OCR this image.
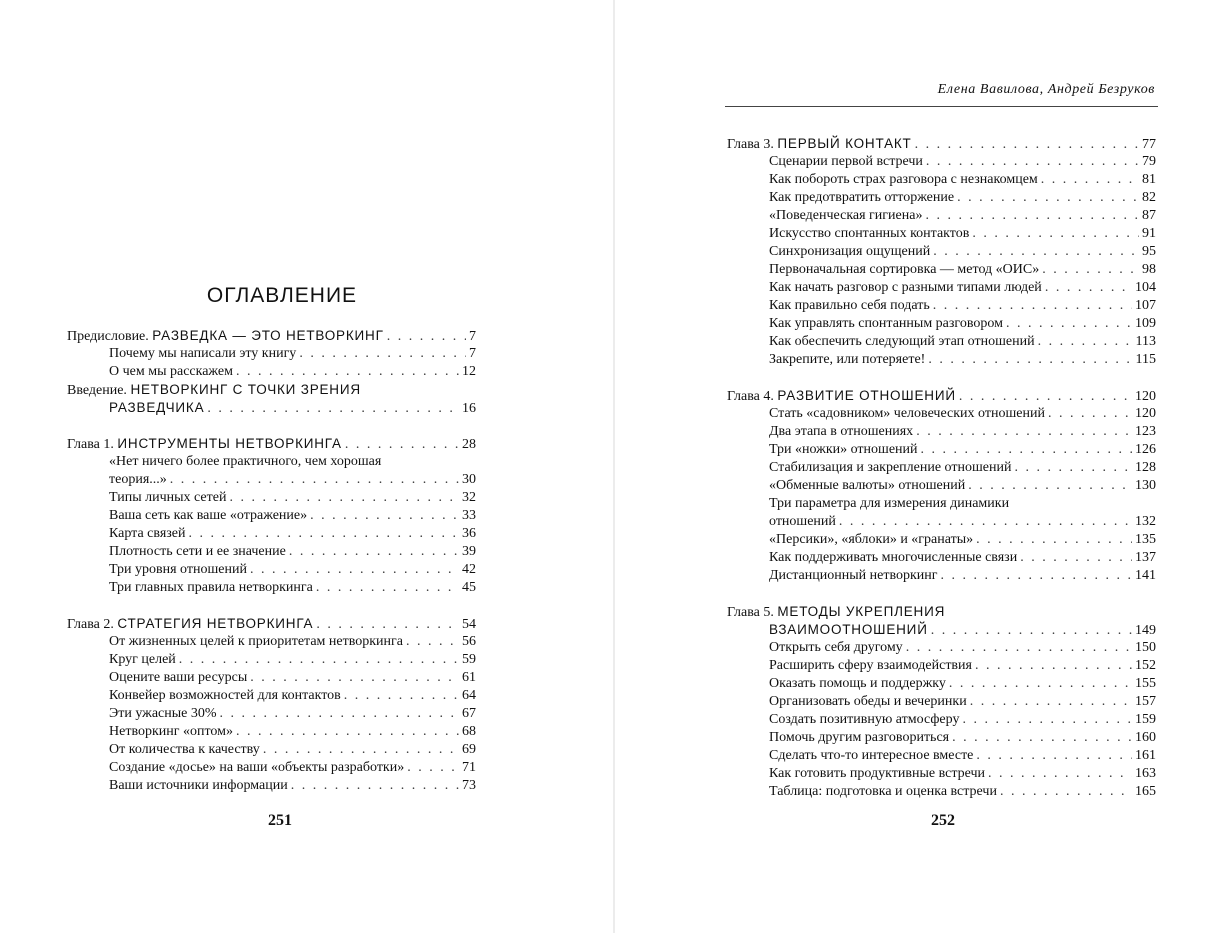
ОГЛАВЛЕНИЕ
Предисловие. РАЗВЕДКА — ЭТО НЕТВОРКИНГ . . .	7
Почему мы написали эту книгу . . .	7
О чем мы расскажем . . .	12
Введение. НЕТВОРКИНГ С ТОЧКИ ЗРЕНИЯ
РАЗВЕДЧИКА . . .	16
Глава 1. ИНСТРУМЕНТЫ НЕТВОРКИНГА . . .	28
«Нет ничего более практичного, чем хорошая
теория...» . . .	30
Типы личных сетей . . .	32
Ваша сеть как ваше «отражение» . . .	33
Карта связей . . .	36
Плотность сети и ее значение . . .	39
Три уровня отношений . . .	42
Три главных правила нетворкинга . . .	45
Глава 2. СТРАТЕГИЯ НЕТВОРКИНГА . . .	54
От жизненных целей к приоритетам нетворкинга . . .	56
Круг целей . . .	59
Оцените ваши ресурсы . . .	61
Конвейер возможностей для контактов . . .	64
Эти ужасные 30% . . .	67
Нетворкинг «оптом» . . .	68
От количества к качеству . . .	69
Создание «досье» на ваши «объекты разработки» . . .	71
Ваши источники информации . . .	73
251
Елена Вавилова, Андрей Безруков
Глава 3. ПЕРВЫЙ КОНТАКТ . . .	77
Сценарии первой встречи . . .	79
Как побороть страх разговора с незнакомцем . . .	81
Как предотвратить отторжение . . .	82
«Поведенческая гигиена» . . .	87
Искусство спонтанных контактов . . .	91
Синхронизация ощущений . . .	95
Первоначальная сортировка — метод «ОИС» . . .	98
Как начать разговор с разными типами людей . . .	104
Как правильно себя подать . . .	107
Как управлять спонтанным разговором . . .	109
Как обеспечить следующий этап отношений . . .	113
Закрепите, или потеряете! . . .	115
Глава 4. РАЗВИТИЕ ОТНОШЕНИЙ . . .	120
Стать «садовником» человеческих отношений . . .	120
Два этапа в отношениях . . .	123
Три «ножки» отношений . . .	126
Стабилизация и закрепление отношений . . .	128
«Обменные валюты» отношений . . .	130
Три параметра для измерения динамики
отношений . . .	132
«Персики», «яблоки» и «гранаты» . . .	135
Как поддерживать многочисленные связи . . .	137
Дистанционный нетворкинг . . .	141
Глава 5. МЕТОДЫ УКРЕПЛЕНИЯ
ВЗАИМООТНОШЕНИЙ . . .	149
Открыть себя другому . . .	150
Расширить сферу взаимодействия . . .	152
Оказать помощь и поддержку . . .	155
Организовать обеды и вечеринки . . .	157
Создать позитивную атмосферу . . .	159
Помочь другим разговориться . . .	160
Сделать что-то интересное вместе . . .	161
Как готовить продуктивные встречи . . .	163
Таблица: подготовка и оценка встречи . . .	165
252
